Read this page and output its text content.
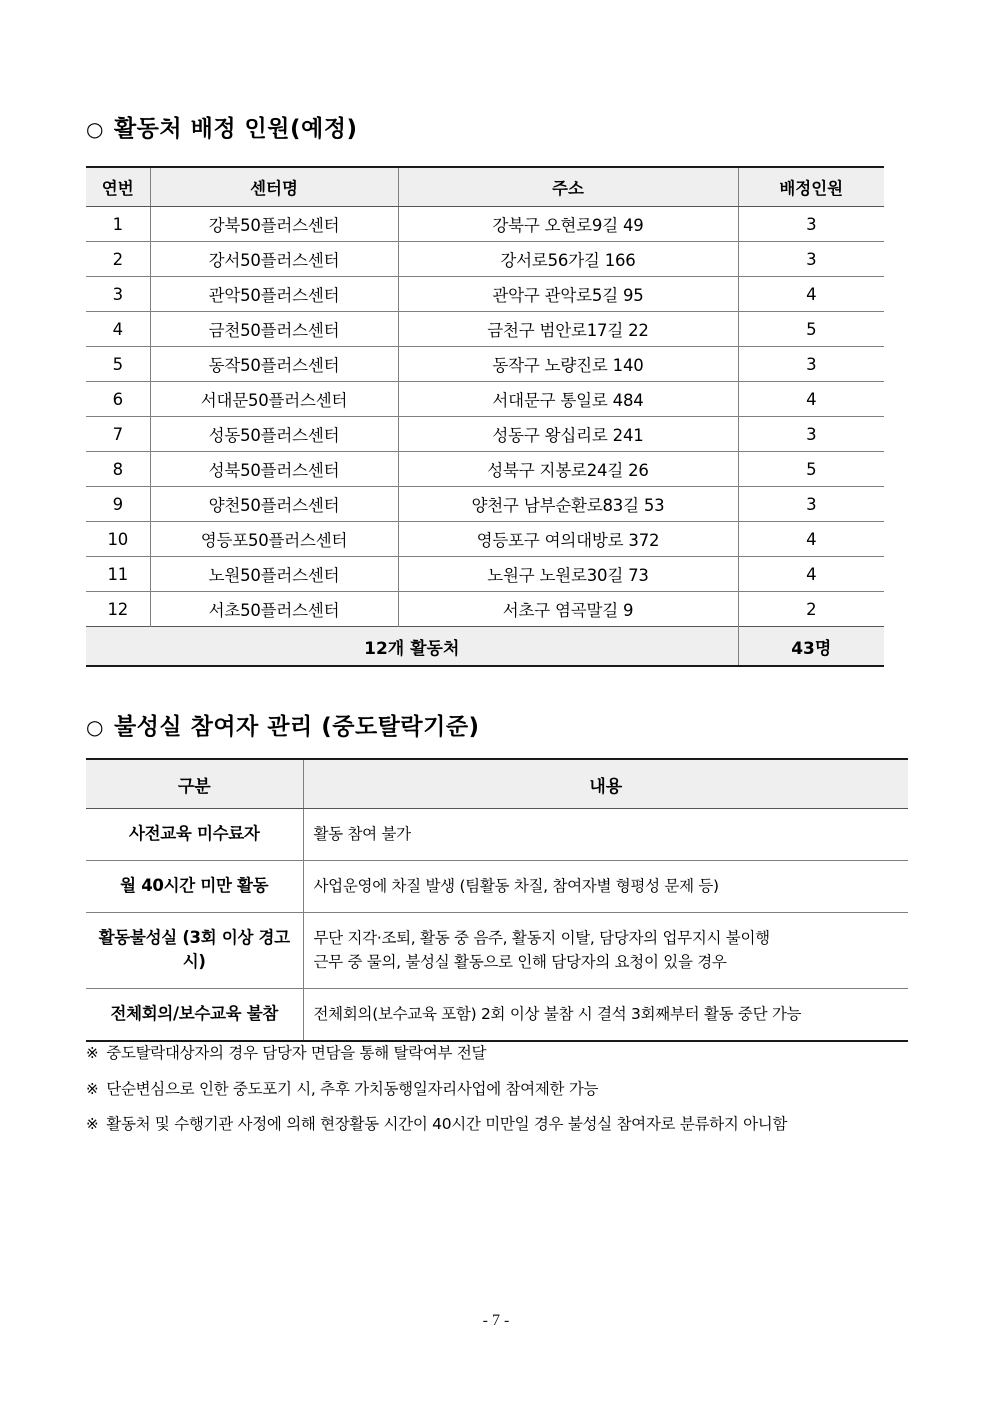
○ 활동처 배정 인원(예정)
연번	센터명	주소	배정인원
1	강북50플러스센터	강북구 오현로9길 49	3
2	강서50플러스센터	강서로56가길 166	3
3	관악50플러스센터	관악구 관악로5길 95	4
4	금천50플러스센터	금천구 범안로17길 22	5
5	동작50플러스센터	동작구 노량진로 140	3
6	서대문50플러스센터	서대문구 통일로 484	4
7	성동50플러스센터	성동구 왕십리로 241	3
8	성북50플러스센터	성북구 지봉로24길 26	5
9	양천50플러스센터	양천구 남부순환로83길 53	3
10	영등포50플러스센터	영등포구 여의대방로 372	4
11	노원50플러스센터	노원구 노원로30길 73	4
12	서초50플러스센터	서초구 염곡말길 9	2
12개 활동처			43명
○ 불성실 참여자 관리 (중도탈락기준)
구분	내용
사전교육 미수료자	활동 참여 불가

월 40시간 미만 활동	사업운영에 차질 발생 (팀활동 차질, 참여자별 형평성 문제 등)

활동불성실 (3회 이상 경고 시)	무단 지각·조퇴, 활동 중 음주, 활동지 이탈, 담당자의 업무지시 불이행
근무 중 물의, 불성실 활동으로 인해 담당자의 요청이 있을 경우

전체회의/보수교육 불참	전체회의(보수교육 포함) 2회 이상 불참 시 결석 3회째부터 활동 중단 가능
※ 중도탈락대상자의 경우 담당자 면담을 통해 탈락여부 전달
※ 단순변심으로 인한 중도포기 시, 추후 가치동행일자리사업에 참여제한 가능
※ 활동처 및 수행기관 사정에 의해 현장활동 시간이 40시간 미만일 경우 불성실 참여자로 분류하지 아니함
- 7 -
